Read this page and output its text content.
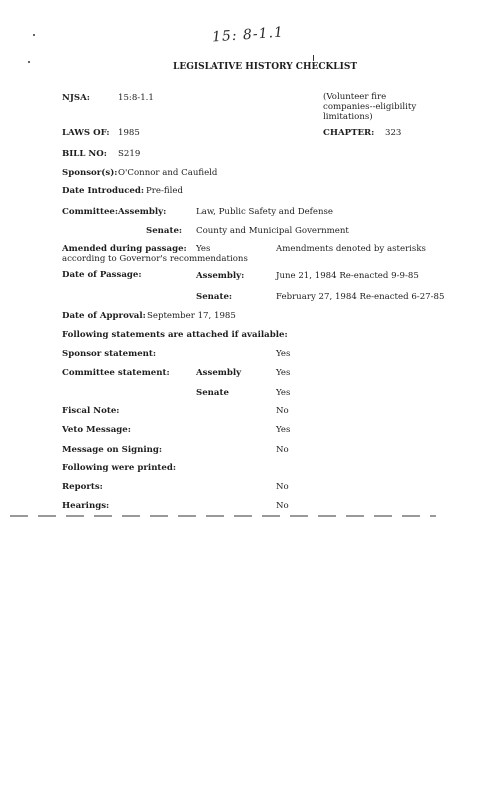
15: 8-1.1
LEGISLATIVE HISTORY CHECKLIST
NJSA:	15:8-1.1	(Volunteer fire companies--eligibility limitations)
LAWS OF: 1985	CHAPTER: 323
BILL NO: S219
Sponsor(s): O'Connor and Caufield
Date Introduced: Pre-filed
Committee: Assembly:	Law, Public Safety and Defense
Senate: County and Municipal Government
Amended during passage: Yes	Amendments denoted by asterisks
according to Governor's recommendations
Date of Passage:	Assembly:	June 21, 1984 Re-enacted 9-9-85
Senate:	February 27, 1984 Re-enacted 6-27-85
Date of Approval: September 17, 1985
Following statements are attached if available:
Sponsor statement:	Yes
Committee statement:	Assembly	Yes
Senate	Yes
Fiscal Note:	No
Veto Message:	Yes
Message on Signing:	No
Following were printed:
Reports:	No
Hearings:	No
